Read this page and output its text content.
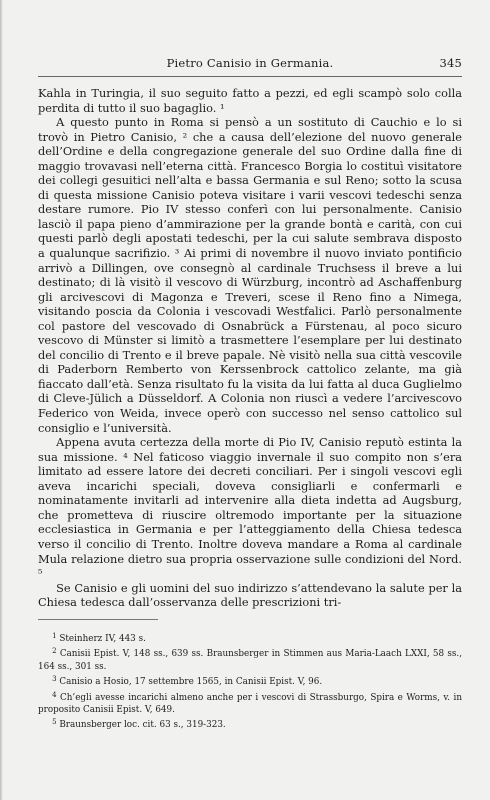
Pietro Canisio in Germania.	345

Kahla in Turingia, il suo seguito fatto a pezzi, ed egli scampò solo colla perdita di tutto il suo bagaglio. ¹

A questo punto in Roma si pensò a un sostituto di Cauchio e lo si trovò in Pietro Canisio, ² che a causa dell’elezione del nuovo generale dell’Ordine e della congregazione generale del suo Ordine dalla fine di maggio trovavasi nell’eterna città. Francesco Borgia lo costituì visitatore dei collegi gesuitici nell’alta e bassa Germania e sul Reno; sotto la scusa di questa missione Canisio poteva visitare i varii vescovi tedeschi senza destare rumore. Pio IV stesso conferì con lui personalmente. Canisio lasciò il papa pieno d’ammirazione per la grande bontà e carità, con cui questi parlò degli apostati tedeschi, per la cui salute sembrava disposto a qualunque sacrifizio. ³ Ai primi di novembre il nuovo inviato pontificio arrivò a Dillingen, ove consegnò al cardinale Truchsess il breve a lui destinato; di là visitò il vescovo di Würzburg, incontrò ad Aschaffenburg gli arcivescovi di Magonza e Treveri, scese il Reno fino a Nimega, visitando poscia da Colonia i vescovadi Westfalici. Parlò personalmente col pastore del vescovado di Osnabrück a Fürstenau, al poco sicuro vescovo di Münster si limitò a trasmettere l’esemplare per lui destinato del concilio di Trento e il breve papale. Nè visitò nella sua città vescovile di Paderborn Remberto von Kerssenbrock cattolico zelante, ma già fiaccato dall’età. Senza risultato fu la visita da lui fatta al duca Guglielmo di Cleve-Jülich a Düsseldorf. A Colonia non riuscì a vedere l’arcivescovo Federico von Weida, invece operò con successo nel senso cattolico sul consiglio e l’università.

Appena avuta certezza della morte di Pio IV, Canisio reputò estinta la sua missione. ⁴ Nel faticoso viaggio invernale il suo compito non s’era limitato ad essere latore dei decreti conciliari. Per i singoli vescovi egli aveva incarichi speciali, doveva consigliarli e confermarli e nominatamente invitarli ad intervenire alla dieta indetta ad Augsburg, che prometteva di riuscire oltremodo importante per la situazione ecclesiastica in Germania e per l’atteggiamento della Chiesa tedesca verso il concilio di Trento. Inoltre doveva mandare a Roma al cardinale Mula relazione dietro sua propria osservazione sulle condizioni del Nord. ⁵

Se Canisio e gli uomini del suo indirizzo s’attendevano la salute per la Chiesa tedesca dall’osservanza delle prescrizioni tri-

$^1$ Steinherz IV, 443 s.

$^2$ Canisii Epist. V, 148 ss., 639 ss. Braunsberger in Stimmen aus Maria-Laach LXXI, 58 ss., 164 ss., 301 ss.

$^3$ Canisio a Hosio, 17 settembre 1565, in Canisii Epist. V, 96.

$^4$ Ch’egli avesse incarichi almeno anche per i vescovi di Strassburgo, Spira e Worms, v. in proposito Canisii Epist. V, 649.

$^5$ Braunsberger loc. cit. 63 s., 319-323.
